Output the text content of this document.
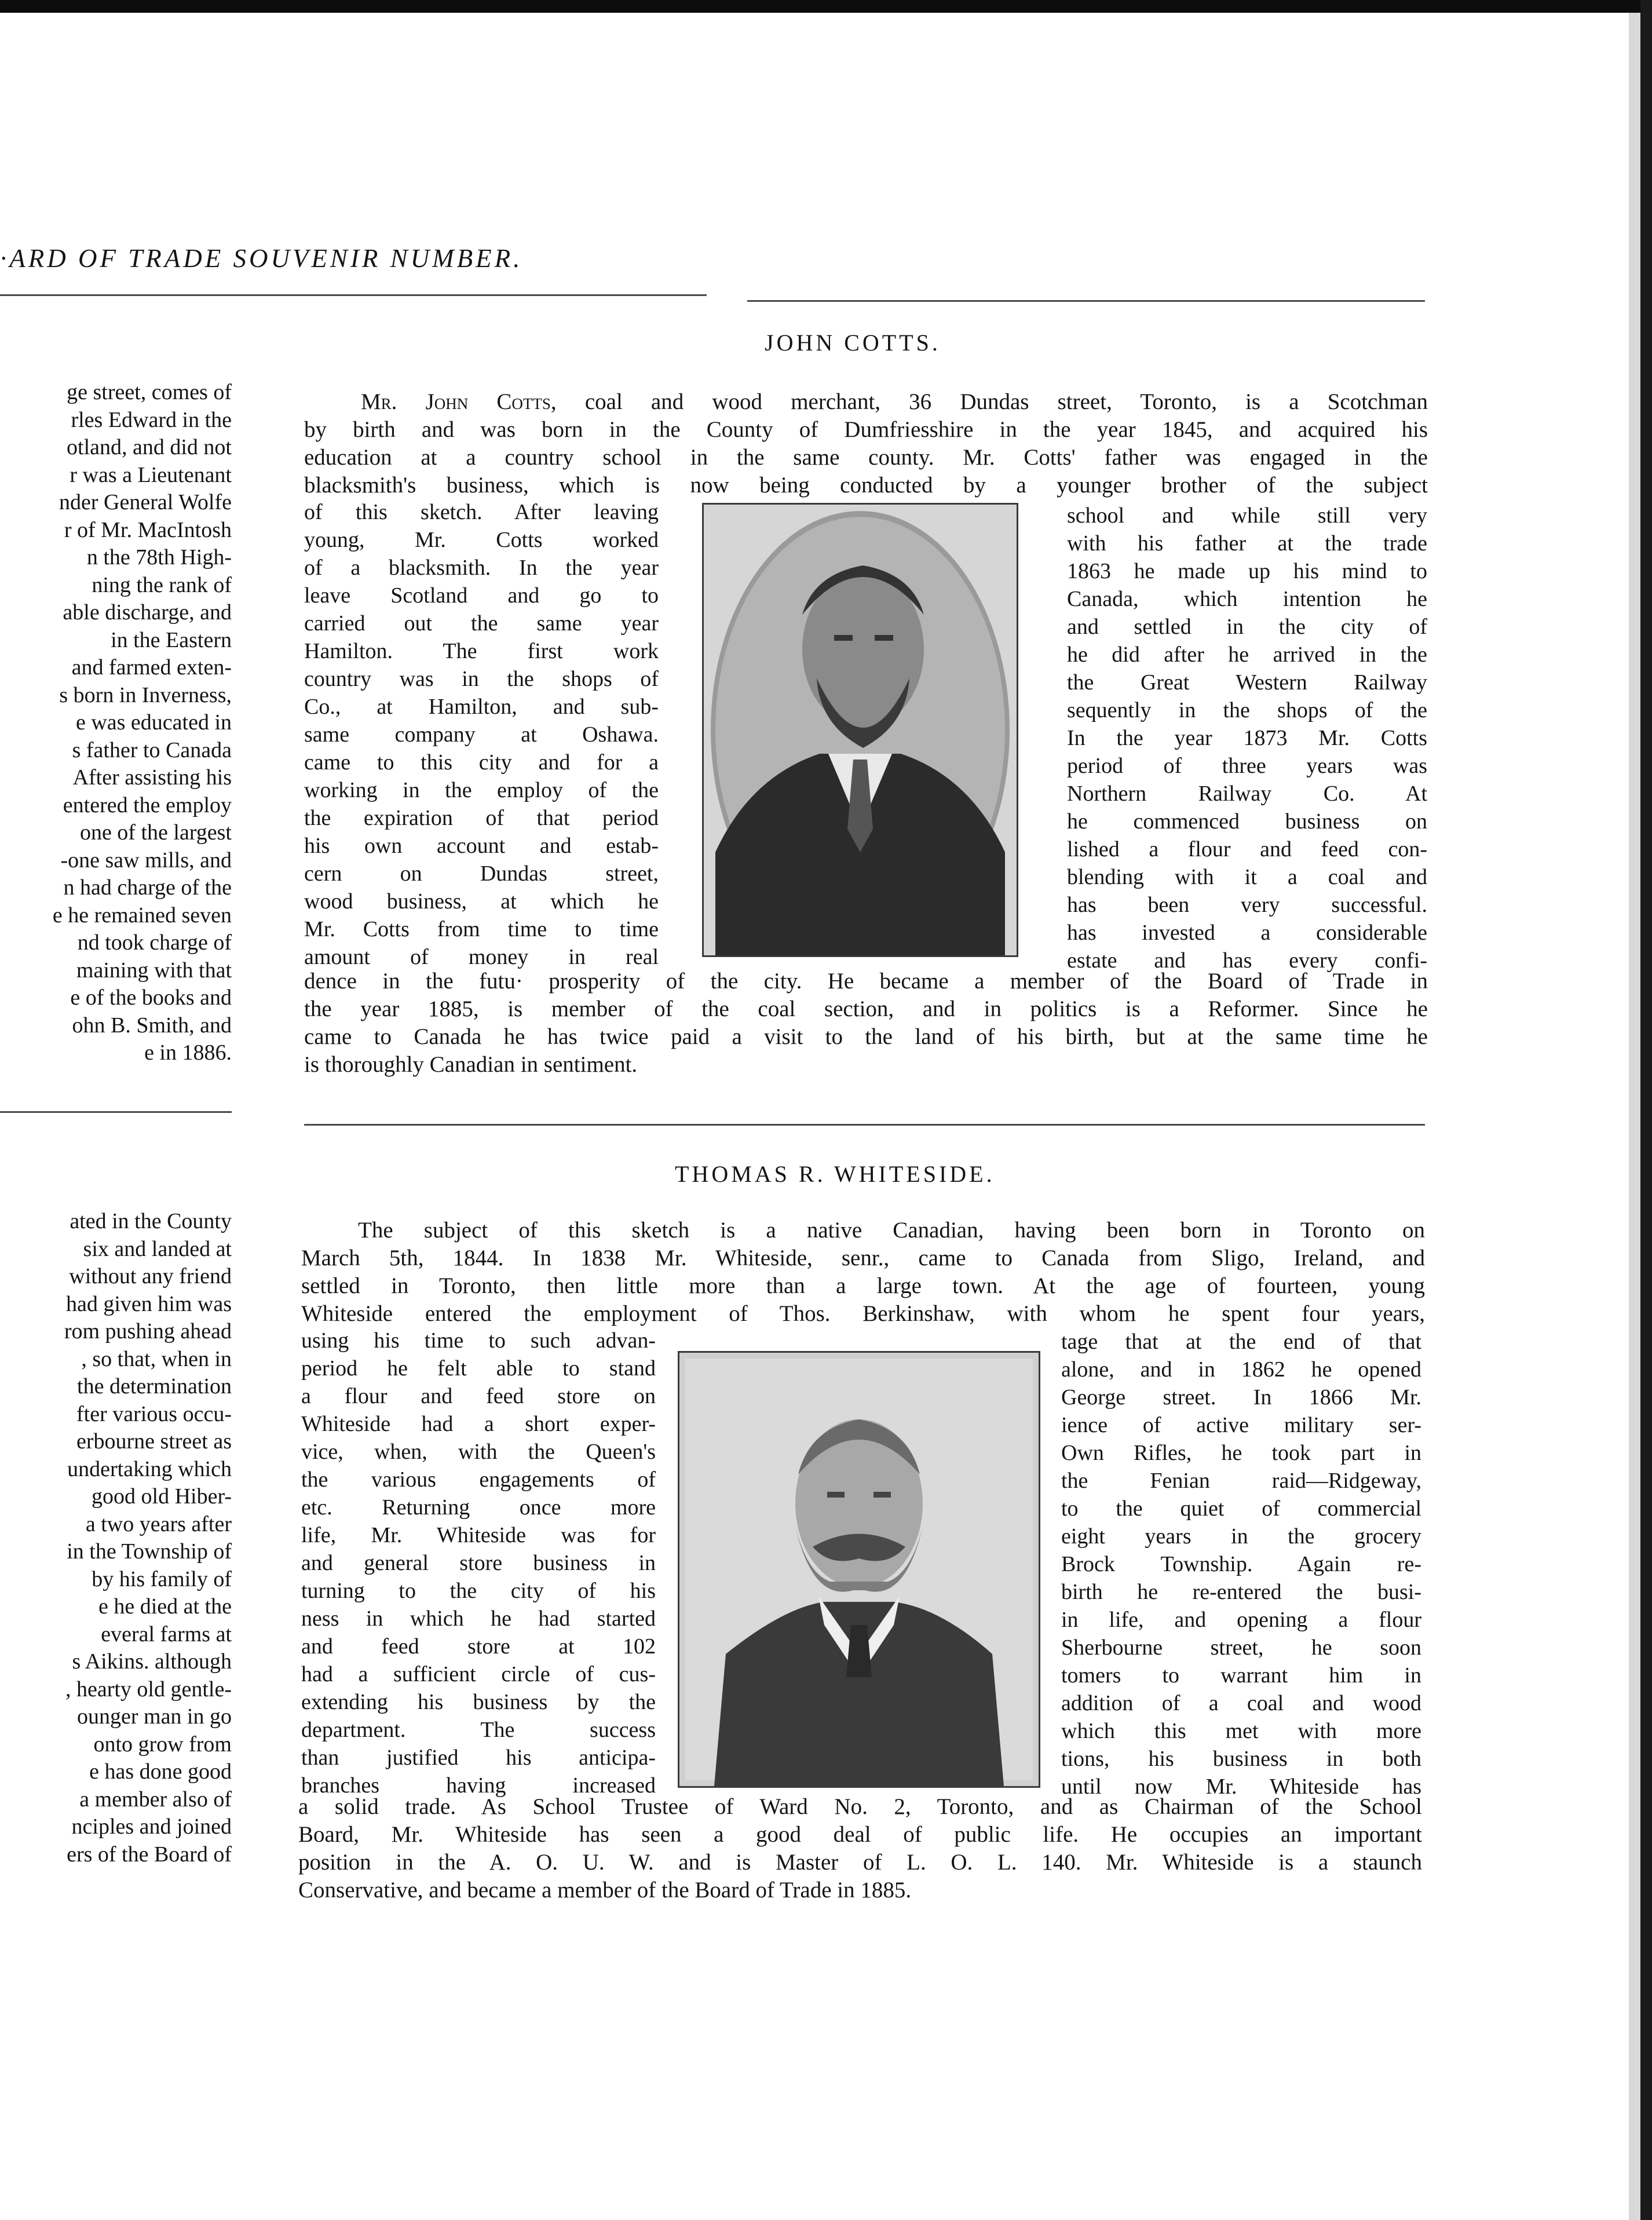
·ARD OF TRADE SOUVENIR NUMBER.
ge street, comes of
rles Edward in the
otland, and did not
r was a Lieutenant
nder General Wolfe
r of Mr. MacIntosh
n the 78th High-
ning the rank of
able discharge, and
in the Eastern
and farmed exten-
s born in Inverness,
e was educated in
s father to Canada
After assisting his
entered the employ
one of the largest
-one saw mills, and
n had charge of the
e he remained seven
nd took charge of
maining with that
e of the books and
ohn B. Smith, and
e in 1886.
ated in the County
six and landed at
without any friend
had given him was
rom pushing ahead
, so that, when in
the determination
fter various occu-
erbourne street as
undertaking which
good old Hiber-
a two years after
in the Township of
by his family of
e he died at the
everal farms at
s Aikins. although
, hearty old gentle-
ounger man in go
onto grow from
e has done good
a member also of
nciples and joined
ers of the Board of
JOHN COTTS.
Mr. John Cotts, coal and wood merchant, 36 Dundas street, Toronto, is a Scotchman
by birth and was born in the County of Dumfriesshire in the year 1845, and acquired his
education at a country school in the same county. Mr. Cotts' father was engaged in the
blacksmith's business, which is now being conducted by a younger brother of the subject
of this sketch. After leaving
young, Mr. Cotts worked
of a blacksmith. In the year
leave Scotland and go to
carried out the same year
Hamilton. The first work
country was in the shops of
Co., at Hamilton, and sub-
same company at Oshawa.
came to this city and for a
working in the employ of the
the expiration of that period
his own account and estab-
cern on Dundas street,
wood business, at which he
Mr. Cotts from time to time
amount of money in real
school and while still very
with his father at the trade
1863 he made up his mind to
Canada, which intention he
and settled in the city of
he did after he arrived in the
the Great Western Railway
sequently in the shops of the
In the year 1873 Mr. Cotts
period of three years was
Northern Railway Co. At
he commenced business on
lished a flour and feed con-
blending with it a coal and
has been very successful.
has invested a considerable
estate and has every confi-
dence in the futu· prosperity of the city. He became a member of the Board of Trade in
the year 1885, is member of the coal section, and in politics is a Reformer. Since he
came to Canada he has twice paid a visit to the land of his birth, but at the same time he
is thoroughly Canadian in sentiment.
THOMAS R. WHITESIDE.
The subject of this sketch is a native Canadian, having been born in Toronto on
March 5th, 1844. In 1838 Mr. Whiteside, senr., came to Canada from Sligo, Ireland, and
settled in Toronto, then little more than a large town. At the age of fourteen, young
Whiteside entered the employment of Thos. Berkinshaw, with whom he spent four years,
using his time to such advan-
period he felt able to stand
a flour and feed store on
Whiteside had a short exper-
vice, when, with the Queen's
the various engagements of
etc. Returning once more
life, Mr. Whiteside was for
and general store business in
turning to the city of his
ness in which he had started
and feed store at 102
had a sufficient circle of cus-
extending his business by the
department. The success
than justified his anticipa-
branches having increased
tage that at the end of that
alone, and in 1862 he opened
George street. In 1866 Mr.
ience of active military ser-
Own Rifles, he took part in
the Fenian raid—Ridgeway,
to the quiet of commercial
eight years in the grocery
Brock Township. Again re-
birth he re-entered the busi-
in life, and opening a flour
Sherbourne street, he soon
tomers to warrant him in
addition of a coal and wood
which this met with more
tions, his business in both
until now Mr. Whiteside has
a solid trade. As School Trustee of Ward No. 2, Toronto, and as Chairman of the School
Board, Mr. Whiteside has seen a good deal of public life. He occupies an important
position in the A. O. U. W. and is Master of L. O. L. 140. Mr. Whiteside is a staunch
Conservative, and became a member of the Board of Trade in 1885.
